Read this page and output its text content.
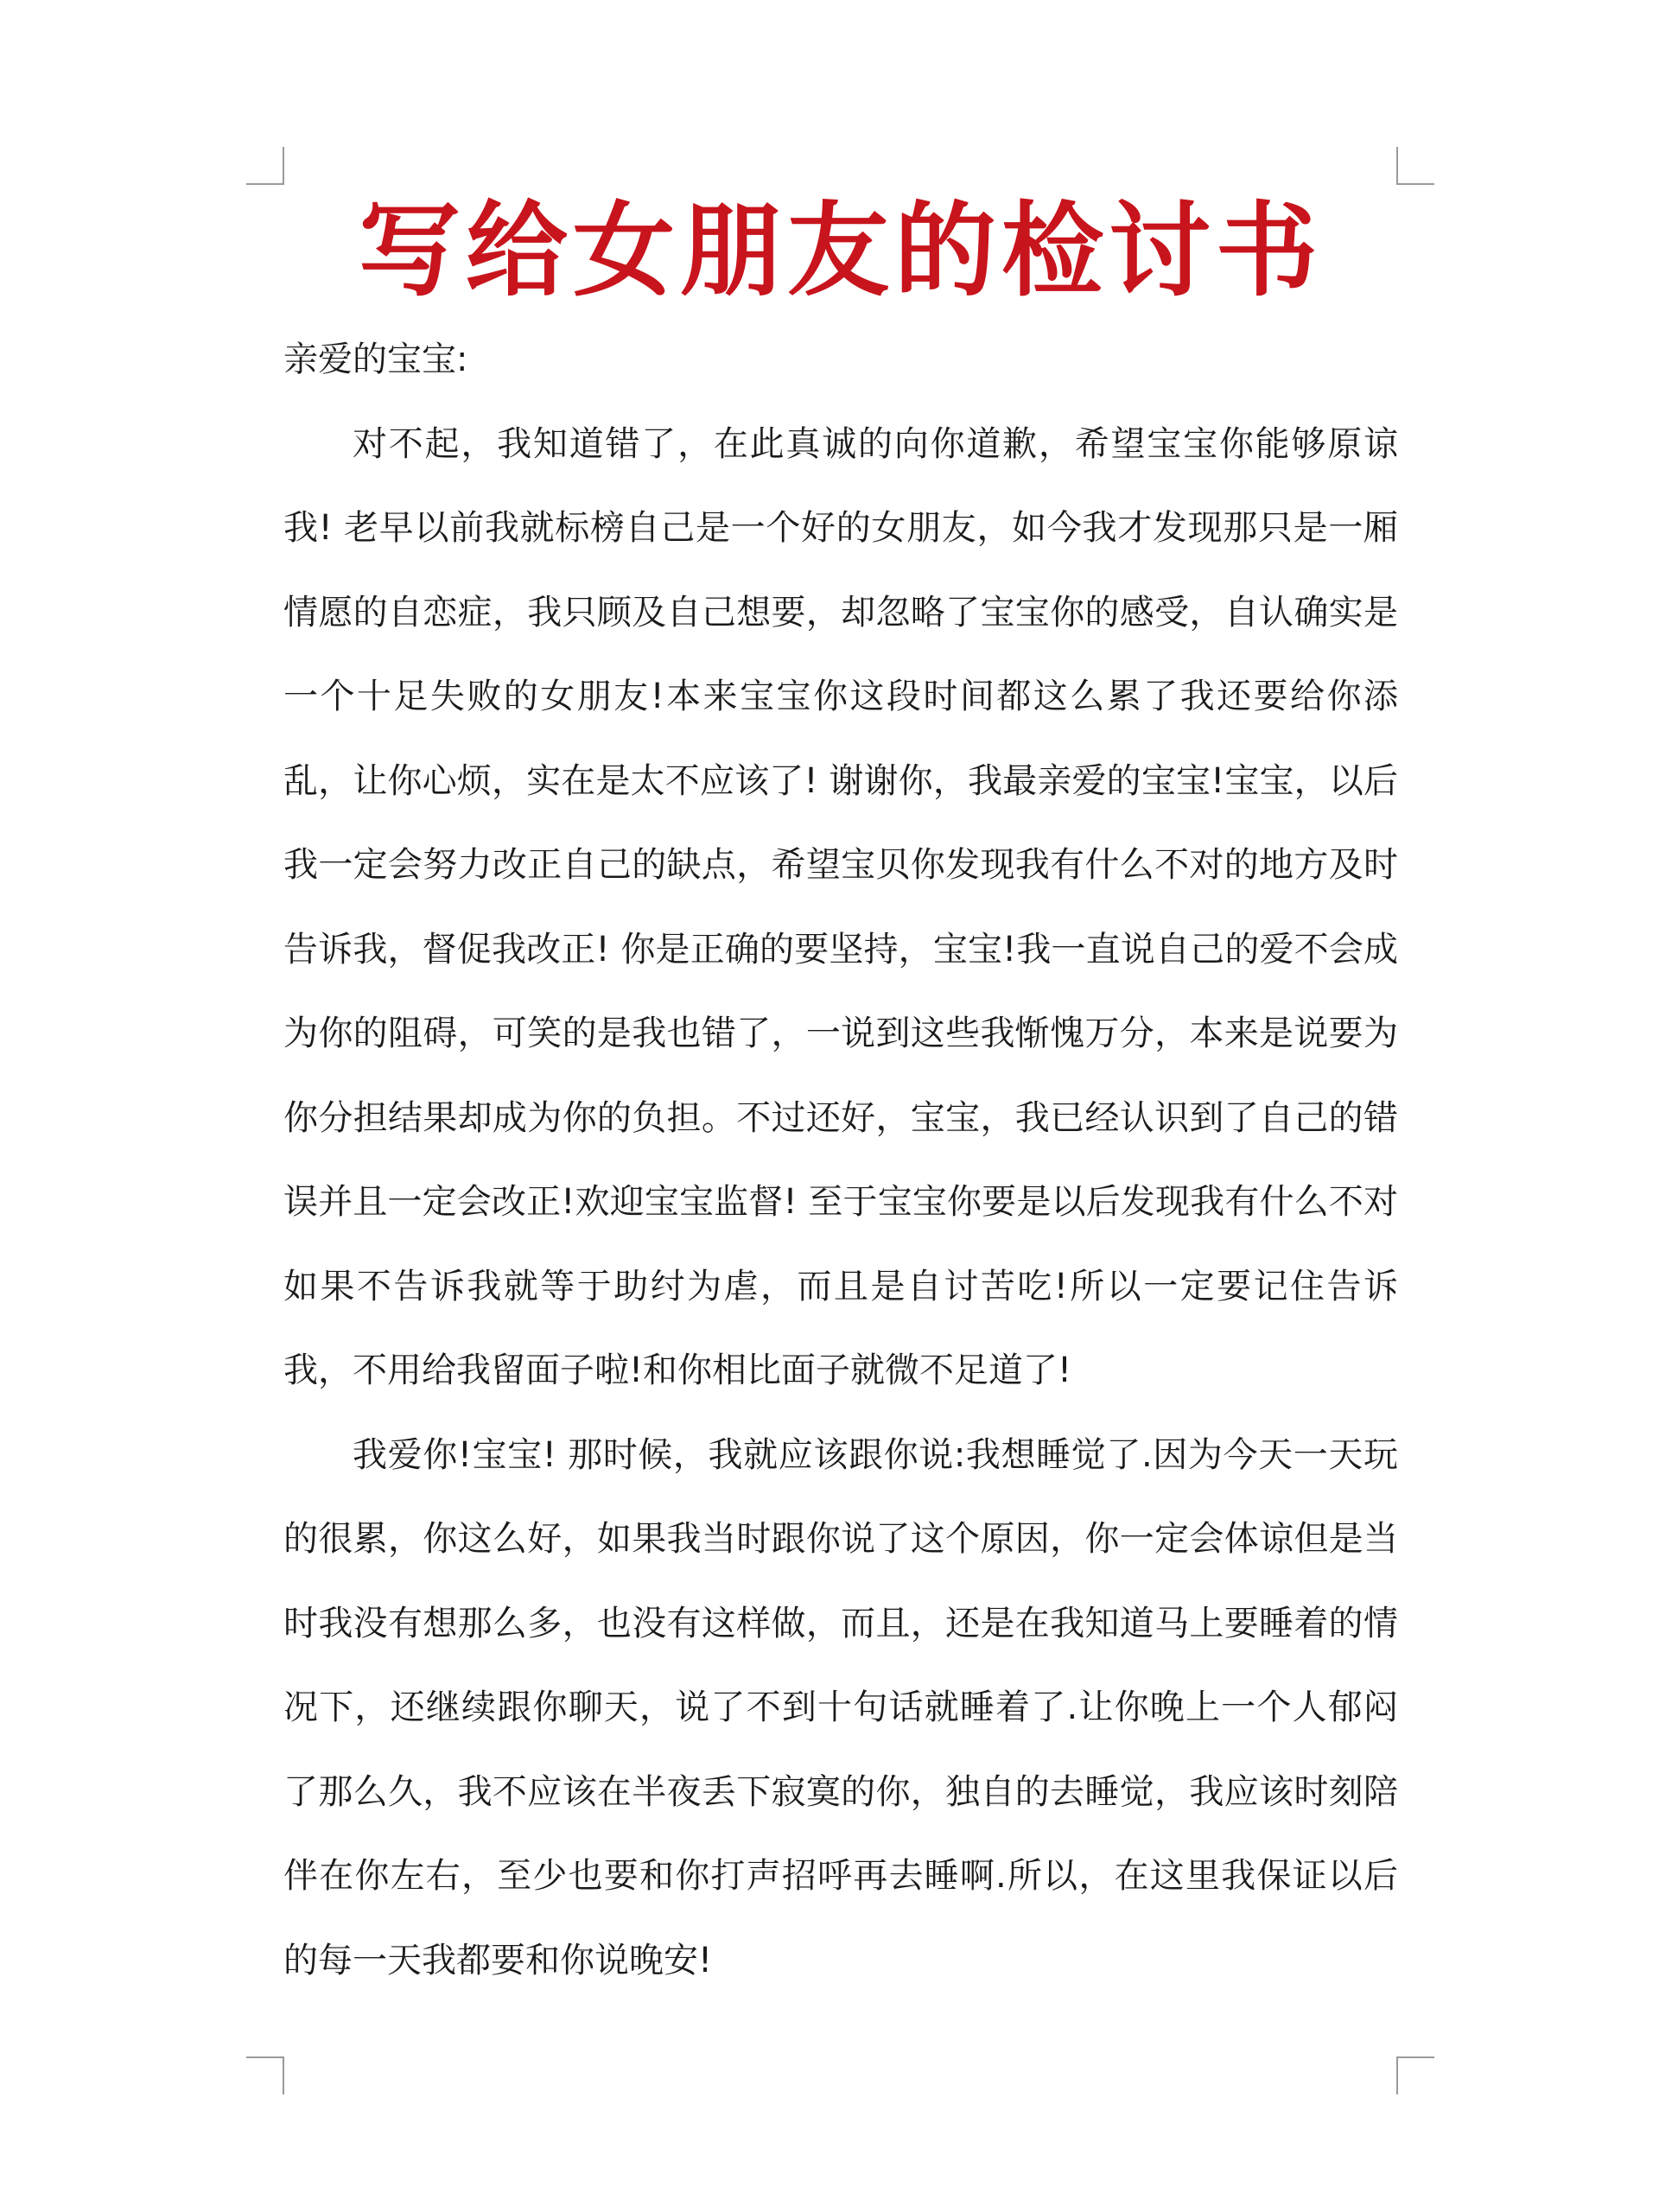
写给女朋友的检讨书

亲爱的宝宝:

对不起，我知道错了，在此真诚的向你道歉，希望宝宝你能够原谅我! 老早以前我就标榜自己是一个好的女朋友，如今我才发现那只是一厢情愿的自恋症，我只顾及自己想要，却忽略了宝宝你的感受，自认确实是一个十足失败的女朋友!本来宝宝你这段时间都这么累了我还要给你添乱，让你心烦，实在是太不应该了! 谢谢你，我最亲爱的宝宝!宝宝，以后我一定会努力改正自己的缺点，希望宝贝你发现我有什么不对的地方及时告诉我，督促我改正! 你是正确的要坚持，宝宝!我一直说自己的爱不会成为你的阻碍，可笑的是我也错了，一说到这些我惭愧万分，本来是说要为你分担结果却成为你的负担。不过还好，宝宝，我已经认识到了自己的错误并且一定会改正!欢迎宝宝监督! 至于宝宝你要是以后发现我有什么不对如果不告诉我就等于助纣为虐，而且是自讨苦吃!所以一定要记住告诉我，不用给我留面子啦!和你相比面子就微不足道了!

我爱你!宝宝! 那时候，我就应该跟你说:我想睡觉了.因为今天一天玩的很累，你这么好，如果我当时跟你说了这个原因，你一定会体谅但是当时我没有想那么多，也没有这样做，而且，还是在我知道马上要睡着的情况下，还继续跟你聊天，说了不到十句话就睡着了.让你晚上一个人郁闷了那么久，我不应该在半夜丢下寂寞的你，独自的去睡觉，我应该时刻陪伴在你左右，至少也要和你打声招呼再去睡啊.所以，在这里我保证以后的每一天我都要和你说晚安!
